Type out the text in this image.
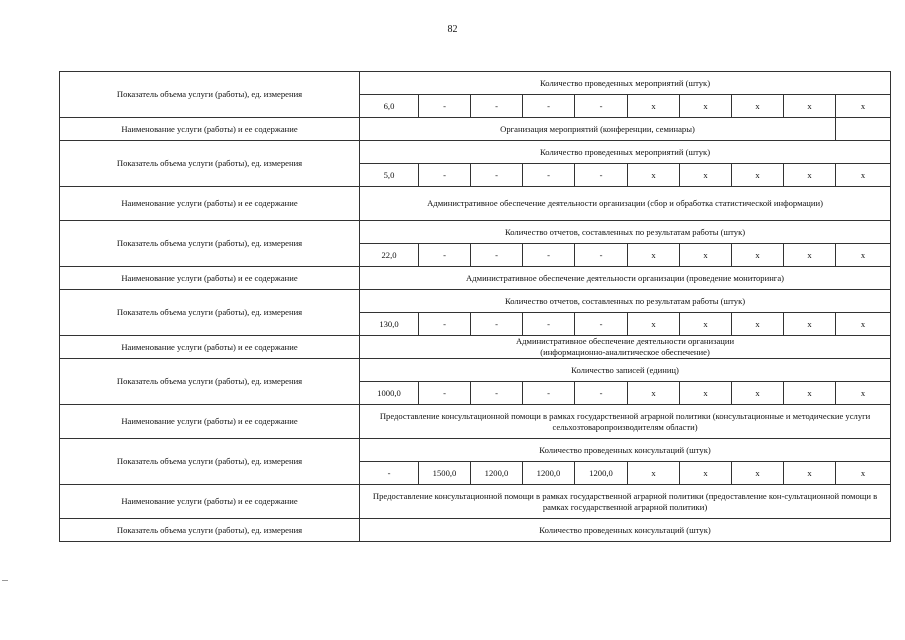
82
Показатель объема услуги (работы), ед. измерения	Количество проведенных мероприятий (штук)									
	6,0	-	-	-	-	x	x	x	x	x
Наименование услуги (работы) и ее содержание	Организация мероприятий (конференции, семинары)									
Показатель объема услуги (работы), ед. измерения	Количество проведенных мероприятий (штук)									
	5,0	-	-	-	-	x	x	x	x	x
Наименование услуги (работы) и ее содержание	Административное обеспечение деятельности организации (сбор и обработка статистической информации)									
Показатель объема услуги (работы), ед. измерения	Количество отчетов, составленных по результатам работы (штук)									
	22,0	-	-	-	-	x	x	x	x	x
Наименование услуги (работы) и ее содержание	Административное обеспечение деятельности организации (проведение мониторинга)									
Показатель объема услуги (работы), ед. измерения	Количество отчетов, составленных по результатам работы (штук)									
	130,0	-	-	-	-	x	x	x	x	x
Наименование услуги (работы) и ее содержание	Административное обеспечение деятельности организации
(информационно-аналитическое обеспечение)									
Показатель объема услуги (работы), ед. измерения	Количество записей (единиц)									
	1000,0	-	-	-	-	x	x	x	x	x
Наименование услуги (работы) и ее содержание	Предоставление консультационной помощи в рамках государственной аграрной политики (консультационные и методические услуги сельхозтоваропроизводителям области)									
Показатель объема услуги (работы), ед. измерения	Количество проведенных консультаций (штук)									
	-	1500,0	1200,0	1200,0	1200,0	x	x	x	x	x
Наименование услуги (работы) и ее содержание	Предоставление консультационной помощи в рамках государственной аграрной политики (предоставление кон-сультационной помощи в рамках государственной аграрной политики)									
Показатель объема услуги (работы), ед. измерения	Количество проведенных консультаций (штук)									
